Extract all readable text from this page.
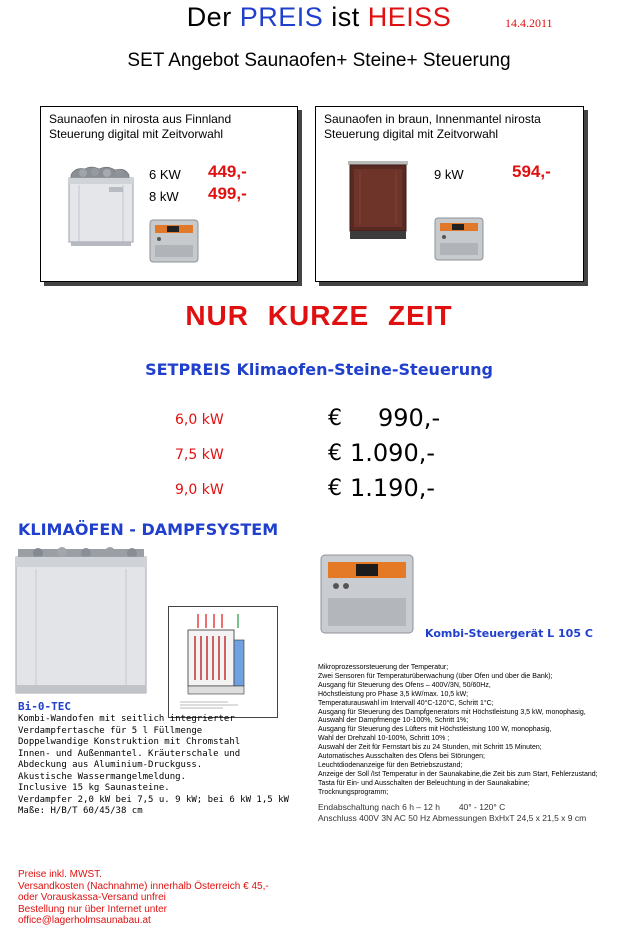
Der PREIS ist HEISS	14.4.2011
SET Angebot Saunaofen+ Steine+ Steuerung
Saunaofen in nirosta aus Finnland
Steuerung digital mit Zeitvorwahl
6 KW 449,-
8 kW 499,-
Saunaofen in braun, Innenmantel nirosta
Steuerung digital mit Zeitvorwahl
9 kW	594,-
NUR KURZE ZEIT
SETPREIS Klimaofen-Steine-Steuerung
6,0 kW	€ 990,-
7,5 kW	€ 1.090,-
9,0 kW	€ 1.190,-
KLIMAÖFEN - DAMPFSYSTEM
Bi-0-TEC
Kombi-Wandofen mit seitlich integrierter
Verdampfertasche für 5 l Füllmenge
Doppelwandige Konstruktion mit Chromstahl
Innen- und Außenmantel. Kräuterschale und
Abdeckung aus Aluminium-Druckguss.
Akustische Wassermangelmeldung.
Inclusive 15 kg Saunasteine.
Verdampfer 2,0 kW bei 7,5 u. 9 kW; bei 6 kW 1,5 kW
Maße: H/B/T 60/45/38 cm
Kombi-Steuergerät L 105 C
Mikroprozessorsteuerung der Temperatur;
Zwei Sensoren für Temperaturüberwachung (über Ofen und über die Bank);
Ausgang für Steuerung des Ofens – 400V/3N, 50/60Hz,
Höchstleistung pro Phase 3,5 kW/max. 10,5 kW;
Temperaturauswahl im Intervall 40°C-120°C, Schritt 1°C;
Ausgang für Steuerung des Dampfgenerators mit Höchstleistung 3,5 kW, monophasig,
Auswahl der Dampfmenge 10-100%, Schritt 1%;
Ausgang für Steuerung des Lüfters mit Höchstleistung 100 W, monophasig,
Wahl der Drehzahl 10-100%, Schritt 10% ;
Auswahl der Zeit für Fernstart bis zu 24 Stunden, mit Schritt 15 Minuten;
Automatisches Ausschalten des Ofens bei Störungen;
Leuchtdiodenanzeige für den Betriebszustand;
Anzeige der Soll /Ist Temperatur in der Saunakabine,die Zeit bis zum Start, Fehlerzustand;
Tasta für Ein- und Ausschalten der Beleuchtung in der Saunakabine;
Trocknungsprogramm;
Endabschaltung nach 6 h – 12 h        40° - 120° C
Anschluss 400V 3N AC 50 Hz Abmessungen BxHxT 24,5 x 21,5 x 9 cm
Preise inkl. MWST.
Versandkosten (Nachnahme) innerhalb Österreich € 45,-
oder Vorauskassa-Versand unfrei
Bestellung nur über Internet unter
office@lagerholmsaunabau.at
